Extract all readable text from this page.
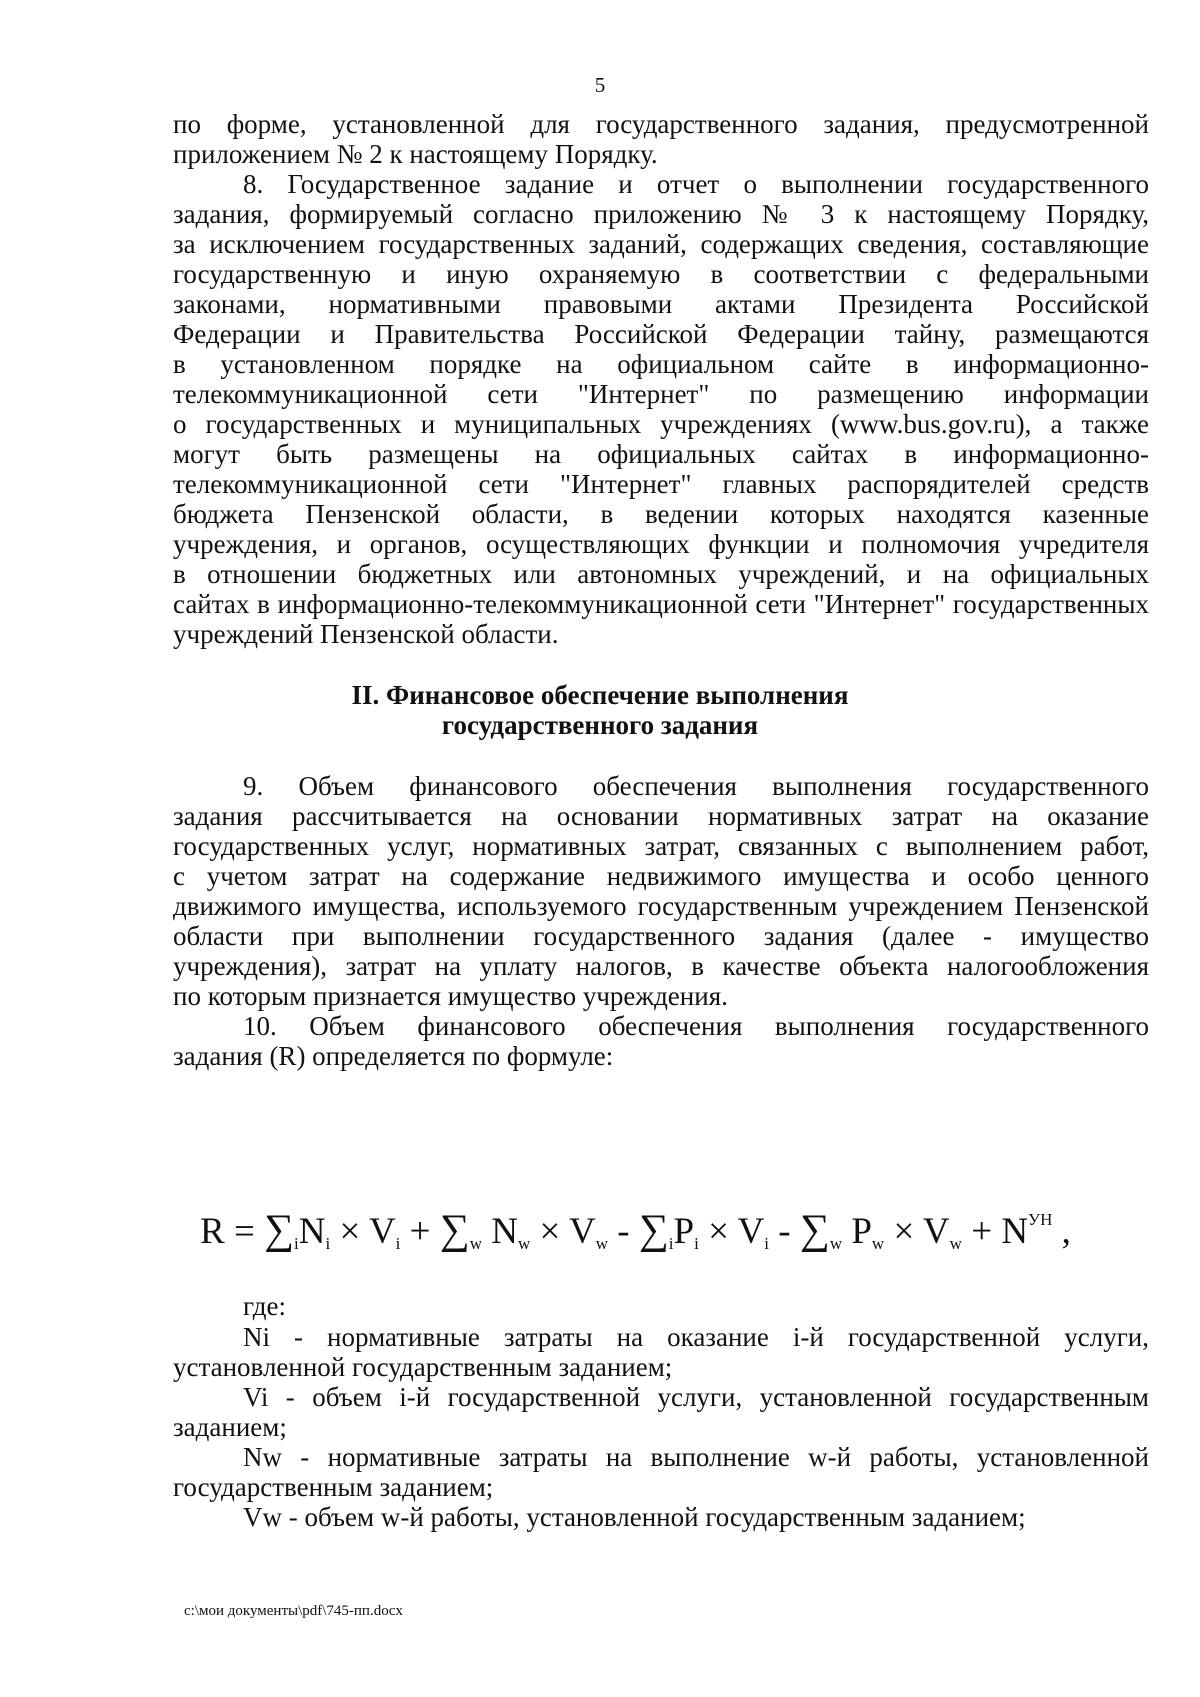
5
по форме, установленной для государственного задания, предусмотренной
приложением № 2 к настоящему Порядку.
8. Государственное задание и отчет о выполнении государственного
задания, формируемый согласно приложению № 3 к настоящему Порядку,
за исключением государственных заданий, содержащих сведения, составляющие
государственную и иную охраняемую в соответствии с федеральными
законами, нормативными правовыми актами Президента Российской
Федерации и Правительства Российской Федерации тайну, размещаются
в установленном порядке на официальном сайте в информационно-
телекоммуникационной сети "Интернет" по размещению информации
о государственных и муниципальных учреждениях (www.bus.gov.ru), а также
могут быть размещены на официальных сайтах в информационно-
телекоммуникационной сети "Интернет" главных распорядителей средств
бюджета Пензенской области, в ведении которых находятся казенные
учреждения, и органов, осуществляющих функции и полномочия учредителя
в отношении бюджетных или автономных учреждений, и на официальных
сайтах в информационно-телекоммуникационной сети "Интернет" государственных
учреждений Пензенской области.
II. Финансовое обеспечение выполнения
государственного задания
9. Объем финансового обеспечения выполнения государственного
задания рассчитывается на основании нормативных затрат на оказание
государственных услуг, нормативных затрат, связанных с выполнением работ,
с учетом затрат на содержание недвижимого имущества и особо ценного
движимого имущества, используемого государственным учреждением Пензенской
области при выполнении государственного задания (далее - имущество
учреждения), затрат на уплату налогов, в качестве объекта налогообложения
по которым признается имущество учреждения.
10. Объем финансового обеспечения выполнения государственного
задания (R) определяется по формуле:
$R = \sum_iN_i \times V_i + \sum_w$ $N_w \times V_w - \sum_iP_i \times V_i - \sum_w$ $P_w \times V_w + N^{УН}$ ,
где:
Ni - нормативные затраты на оказание i-й государственной услуги,
установленной государственным заданием;
Vi - объем i-й государственной услуги, установленной государственным
заданием;
Nw - нормативные затраты на выполнение w-й работы, установленной
государственным заданием;
Vw - объем w-й работы, установленной государственным заданием;
c:\мои документы\pdf\745-пп.docx
